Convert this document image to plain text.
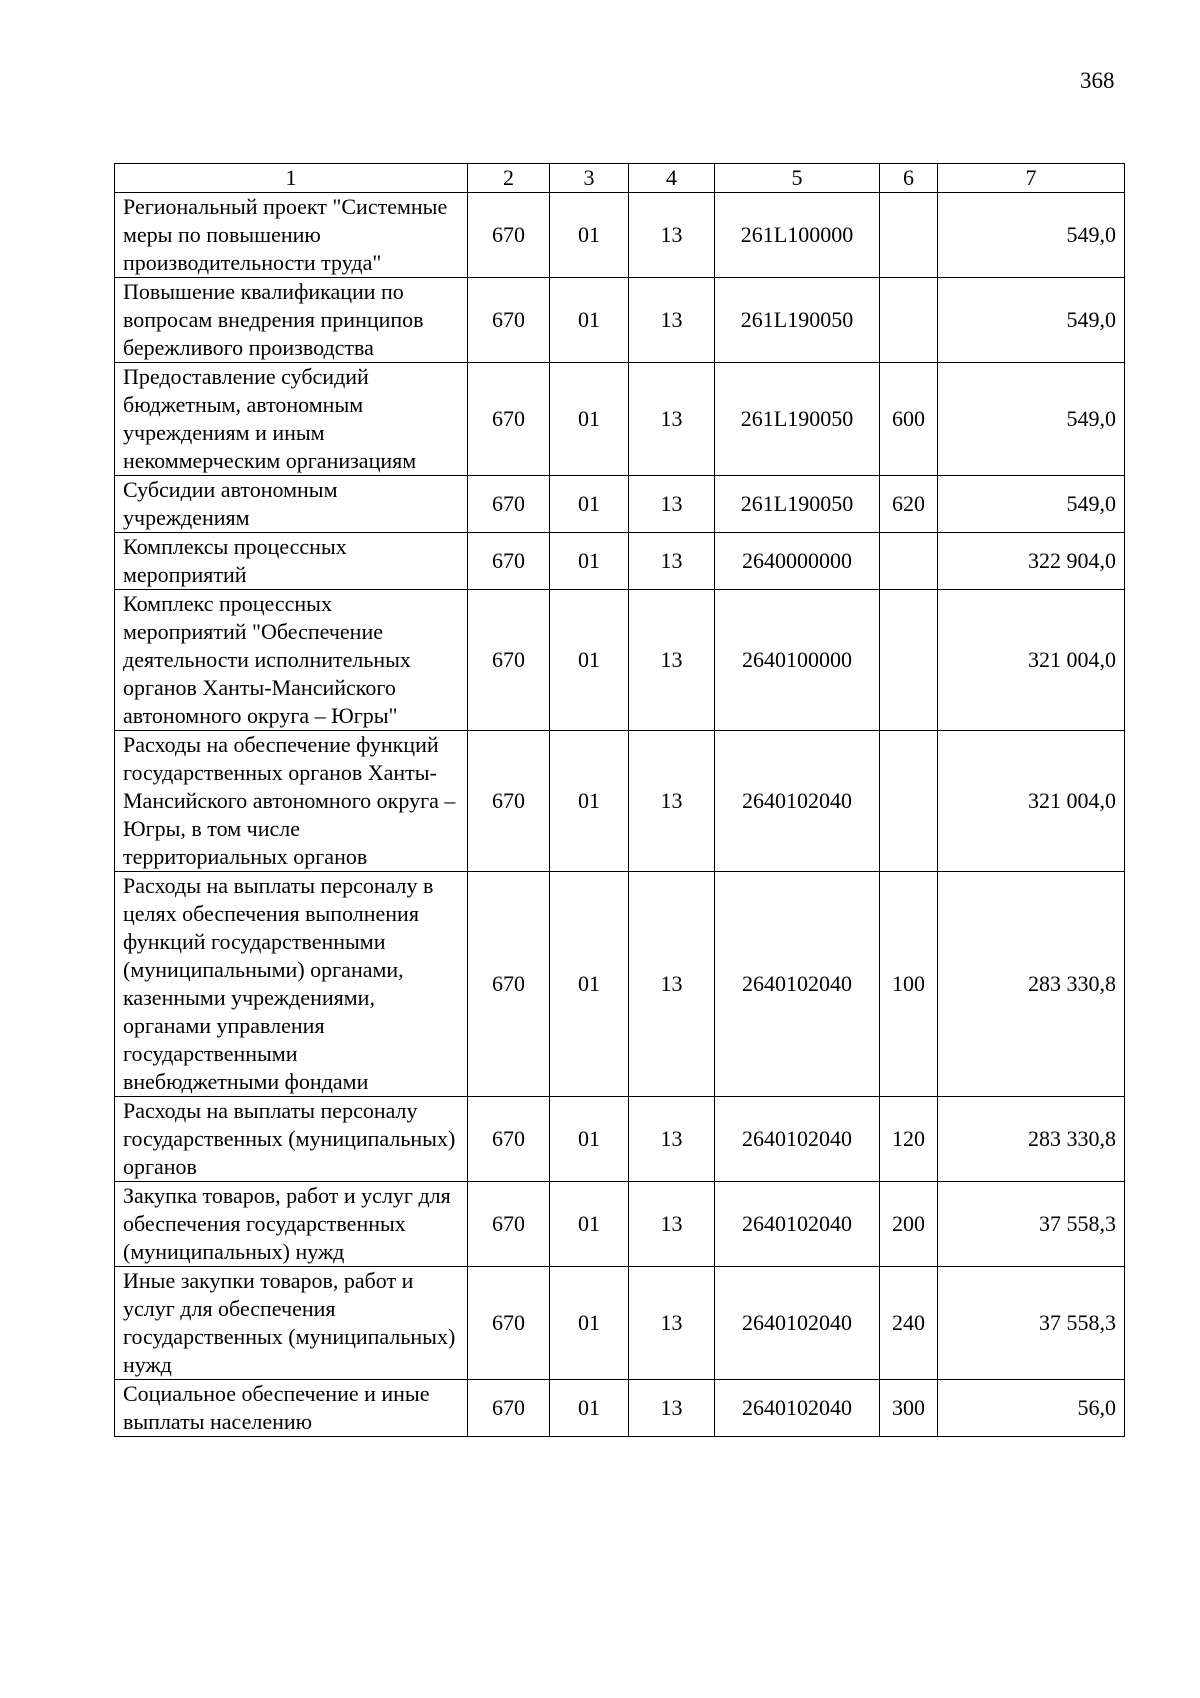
368
1	2	3	4	5	6	7
Региональный проект "Системные меры по повышению производительности труда"	670	01	13	261L100000		549,0
Повышение квалификации по вопросам внедрения принципов бережливого производства	670	01	13	261L190050		549,0
Предоставление субсидий бюджетным, автономным учреждениям и иным некоммерческим организациям	670	01	13	261L190050	600	549,0
Субсидии автономным учреждениям	670	01	13	261L190050	620	549,0
Комплексы процессных мероприятий	670	01	13	2640000000		322 904,0
Комплекс процессных мероприятий "Обеспечение деятельности исполнительных органов Ханты-Мансийского автономного округа – Югры"	670	01	13	2640100000		321 004,0
Расходы на обеспечение функций государственных органов Ханты-Мансийского автономного округа – Югры, в том числе территориальных органов	670	01	13	2640102040		321 004,0
Расходы на выплаты персоналу в целях обеспечения выполнения функций государственными (муниципальными) органами, казенными учреждениями, органами управления государственными внебюджетными фондами	670	01	13	2640102040	100	283 330,8
Расходы на выплаты персоналу государственных (муниципальных) органов	670	01	13	2640102040	120	283 330,8
Закупка товаров, работ и услуг для обеспечения государственных (муниципальных) нужд	670	01	13	2640102040	200	37 558,3
Иные закупки товаров, работ и услуг для обеспечения государственных (муниципальных) нужд	670	01	13	2640102040	240	37 558,3
Социальное обеспечение и иные выплаты населению	670	01	13	2640102040	300	56,0
